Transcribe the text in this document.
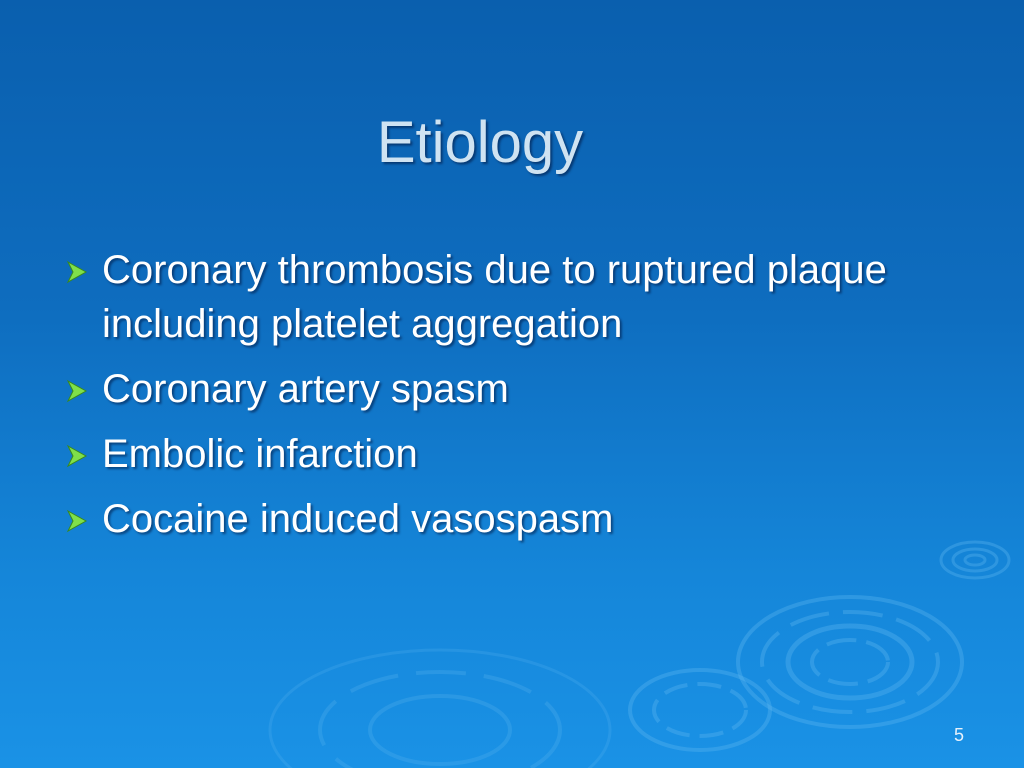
Etiology
Coronary thrombosis due to ruptured plaque including platelet aggregation
Coronary artery spasm
Embolic infarction
Cocaine induced vasospasm
5
